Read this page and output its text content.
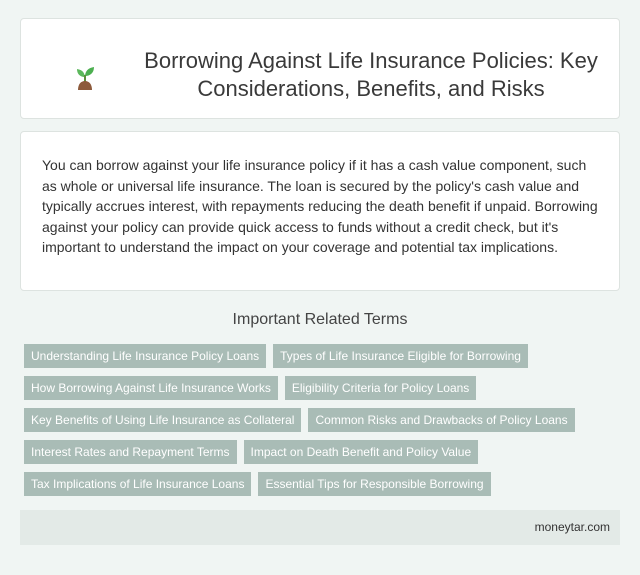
Borrowing Against Life Insurance Policies: Key Considerations, Benefits, and Risks

You can borrow against your life insurance policy if it has a cash value component, such as whole or universal life insurance. The loan is secured by the policy's cash value and typically accrues interest, with repayments reducing the death benefit if unpaid. Borrowing against your policy can provide quick access to funds without a credit check, but it's important to understand the impact on your coverage and potential tax implications.

Important Related Terms
Understanding Life Insurance Policy Loans	Types of Life Insurance Eligible for Borrowing
How Borrowing Against Life Insurance Works	Eligibility Criteria for Policy Loans
Key Benefits of Using Life Insurance as Collateral	Common Risks and Drawbacks of Policy Loans
Interest Rates and Repayment Terms	Impact on Death Benefit and Policy Value
Tax Implications of Life Insurance Loans	Essential Tips for Responsible Borrowing
moneytar.com
